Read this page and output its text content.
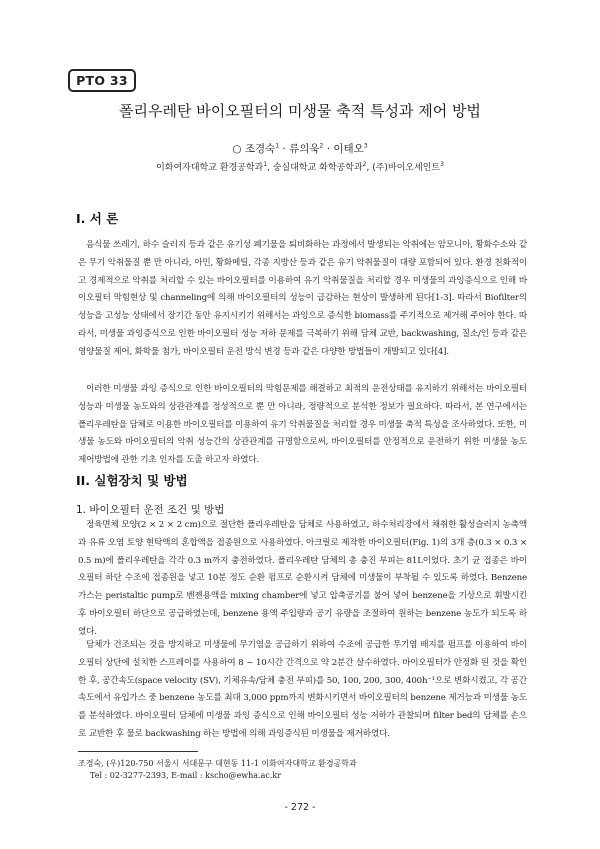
PTO 33
폴리우레탄 바이오필터의 미생물 축적 특성과 제어 방법
○ 조경숙$^1$ · 류의욱$^2$ · 이태오$^3$
이화여자대학교 환경공학과$^1$, 숭실대학교 화학공학과$^2$, (주)바이오세인트$^3$
I. 서 론

음식물 쓰레기, 하수 슬러지 등과 같은 유기성 폐기물을 퇴비화하는 과정에서 발생되는 악취에는 암모니아, 황화수소와 같은 무기 악취물질 뿐 만 아니라, 아민, 황화메틸, 각종 지방산 등과 같은 유기 악취물질이 대량 포함되어 있다. 환경 친화적이고 경제적으로 악취를 처리할 수 있는 바이오필터를 이용하여 유기 악취물질을 처리할 경우 미생물의 과잉증식으로 인해 바이오필터 막힘현상 및 channeling에 의해 바이오필터의 성능이 급감하는 현상이 발생하게 된다[1-3]. 따라서 Biofilter의 성능을 고성능 상태에서 장기간 동안 유지시키기 위해서는 과잉으로 증식한 biomass를 주기적으로 제거해 주어야 한다. 따라서, 미생물 과잉증식으로 인한 바이오필터 성능 저하 문제를 극복하기 위해 담체 교반, backwashing, 질소/인 등과 같은 영양물질 제어, 화학물 첨가, 바이오필터 운전 방식 변경 등과 같은 다양한 방법들이 개발되고 있다[4].

이러한 미생물 과잉 증식으로 인한 바이오필터의 막힘문제를 해결하고 최적의 운전상태를 유지하기 위해서는 바이오필터 성능과 미생물 농도와의 상관관계를 정성적으로 뿐 만 아니라, 정량적으로 분석한 정보가 필요하다. 따라서, 본 연구에서는 폴리우레탄을 담체로 이용한 바이오필터를 이용하여 유기 악취물질을 처리할 경우 미생물 축적 특성을 조사하였다. 또한, 미생물 농도와 바이오필터의 악취 성능간의 상관관계를 규명함으로써, 바이오필터를 안정적으로 운전하기 위한 미생물 농도 제어방법에 관한 기초 인자를 도출 하고자 하였다.

II. 실험장치 및 방법
1. 바이오필터 운전 조건 및 방법

정육면체 모양(2 × 2 × 2 cm)으로 절단한 폴리우레탄을 담체로 사용하였고, 하수처리장에서 채취한 활성슬러지 농축액과 유류 오염 토양 현탁액의 혼합액을 접종원으로 사용하였다. 아크릴로 제작한 바이오필터(Fig. 1)의 3개 층(0.3 × 0.3 × 0.5 m)에 폴리우레탄을 각각 0.3 m까지 충전하였다. 폴리우레탄 담체의 총 충진 부피는 81L이었다. 초기 균 접종은 바이오필터 하단 수조에 접종원을 넣고 10분 정도 순환 펌프로 순환시켜 담체에 미생물이 부착될 수 있도록 하였다. Benzene 가스는 peristaltic pump로 벤젠용액을 mixing chamber에 넣고 압축공기를 불어 넣어 benzene을 기상으로 휘발시킨 후 바이오필터 하단으로 공급하였는데, benzene 용액 주입량과 공기 유량을 조절하여 원하는 benzene 농도가 되도록 하였다.

담체가 건조되는 것을 방지하고 미생물에 무기염을 공급하기 위하여 수조에 공급한 무기염 배지를 펌프를 이용하여 바이오필터 상단에 설치한 스프레이를 사용하여 8 ~ 10시간 간격으로 약 2분간 살수하였다. 바이오필터가 안정화 된 것을 확인한 후, 공간속도(space velocity (SV), 기체유속/담체 충전 부피)를 50, 100, 200, 300, 400h⁻¹으로 변화시켰고, 각 공간속도에서 유입가스 중 benzene 농도를 최대 3,000 ppm까지 변화시키면서 바이오필터의 benzene 제거능과 미생물 농도를 분석하였다. 바이오필터 담체에 미생물 과잉 증식으로 인해 바이오필터 성능 저하가 관찰되며 filter bed의 담체를 손으로 교반한 후 물로 backwashing 하는 방법에 의해 과잉증식된 미생물을 제거하였다.

조경숙, (우)120-750 서울시 서대문구 대현동 11-1 이화여자대학교 환경공학과
Tel : 02-3277-2393, E-mail : kscho@ewha.ac.kr
- 272 -
